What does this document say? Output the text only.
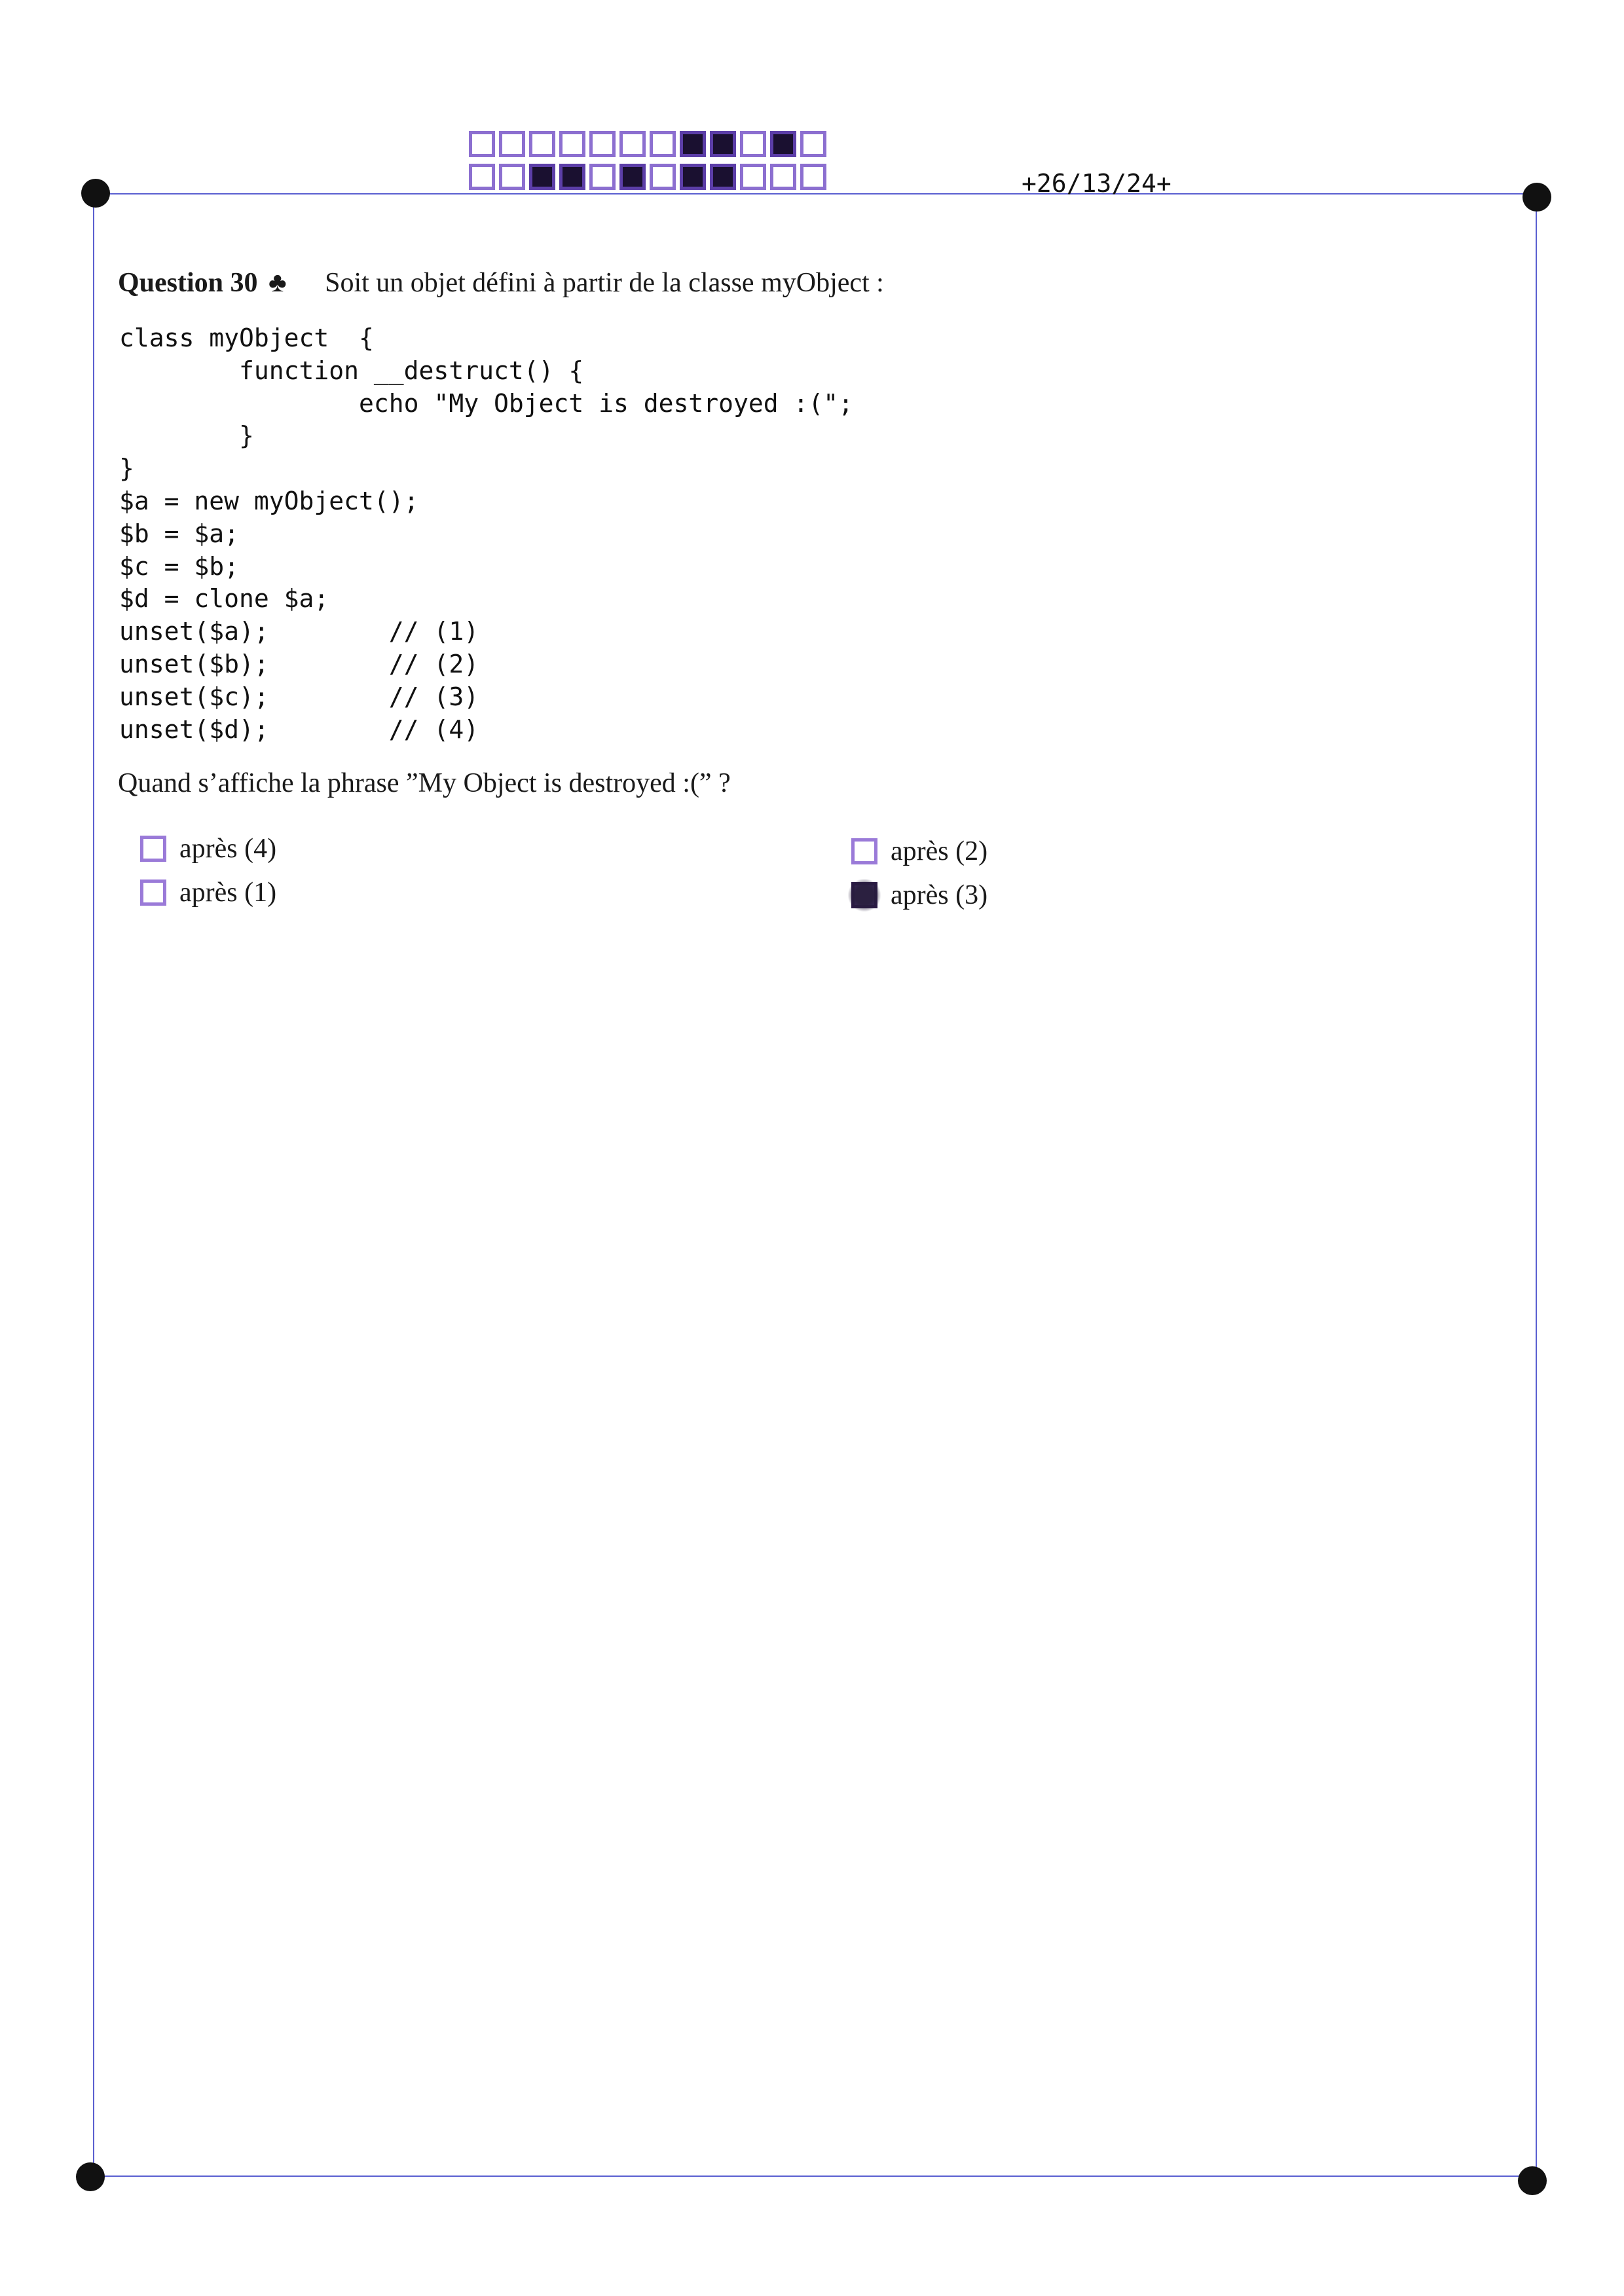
+26/13/24+
Question 30 ♣ Soit un objet défini à partir de la classe myObject :
class myObject  {
function __destruct() {
echo "My Object is destroyed :(";
}
}
$a = new myObject();
$b = $a;
$c = $b;
$d = clone $a;
unset($a);        // (1)
unset($b);        // (2)
unset($c);        // (3)
unset($d);        // (4)
Quand s’affiche la phrase ”My Object is destroyed :(” ?
après (4)
après (1)
après (2)
après (3)
